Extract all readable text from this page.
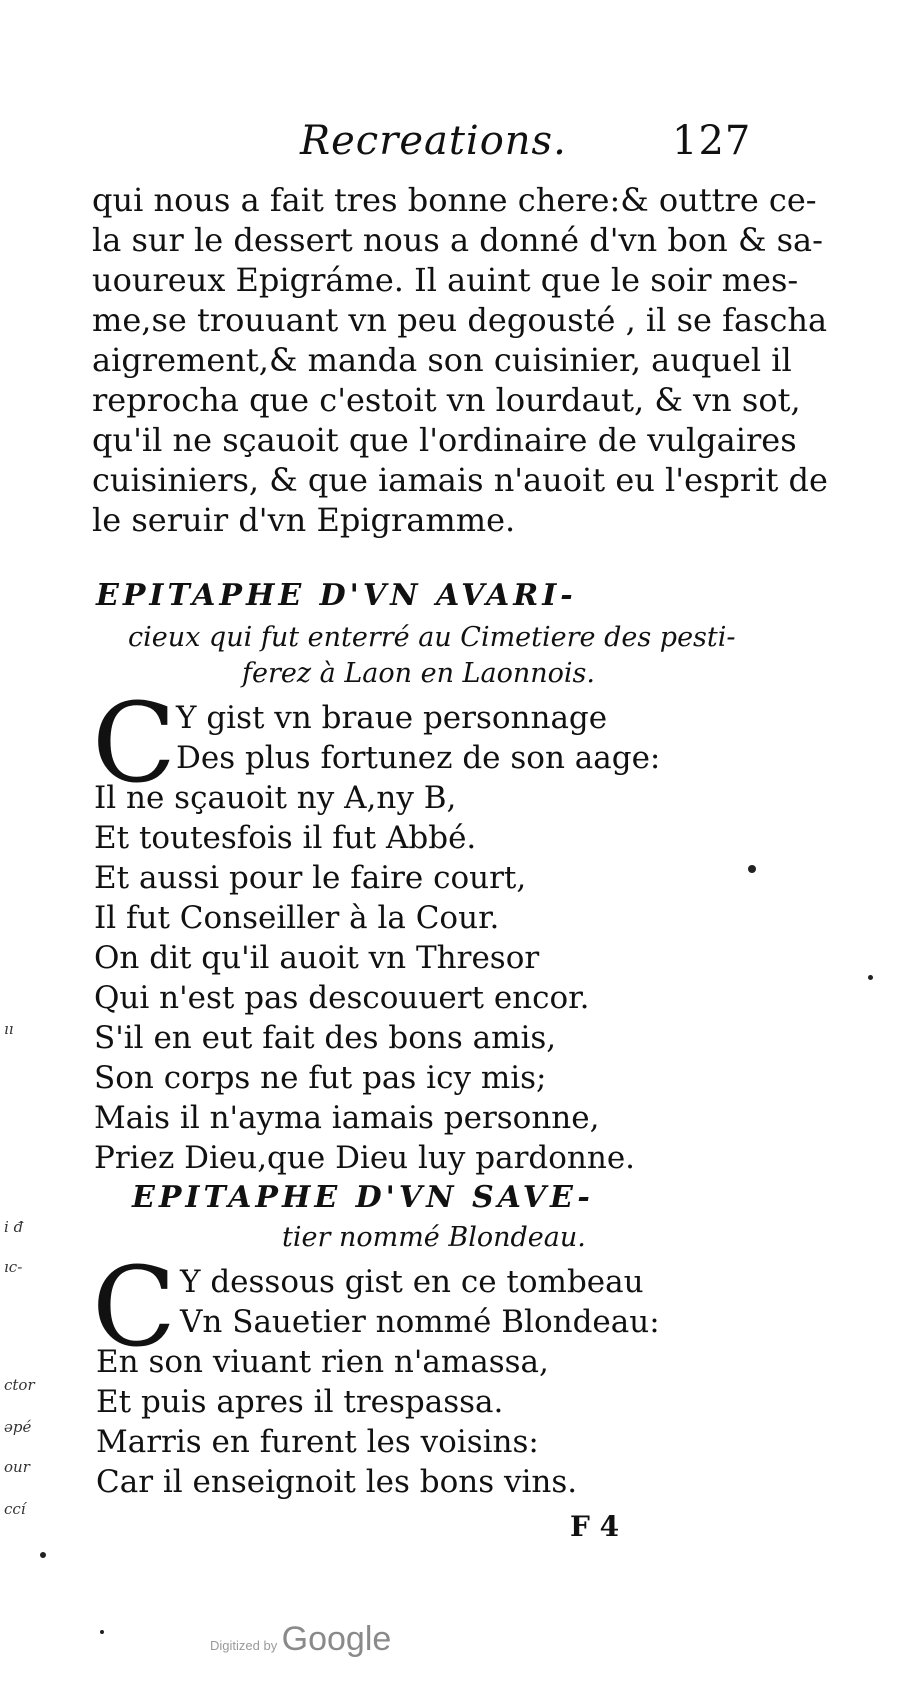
Recreations.	127
qui nous a fait tres bonne chere:& outtre ce-
la sur le dessert nous a donné d'vn bon & sa-
uoureux Epigráme. Il auint que le soir mes-
me,se trouuant vn peu degousté , il se fascha
aigrement,& manda son cuisinier, auquel il
reprocha que c'estoit vn lourdaut, & vn sot,
qu'il ne sçauoit que l'ordinaire de vulgaires
cuisiniers, & que iamais n'auoit eu l'esprit de
le seruir d'vn Epigramme.
EPITAPHE D'VN AVARI-
cieux qui fut enterré au Cimetiere des pesti-
ferez à Laon en Laonnois.
C Y gist vn braue personnage
Des plus fortunez de son aage:
Il ne sçauoit ny A,ny B,
Et toutesfois il fut Abbé.
Et aussi pour le faire court,
Il fut Conseiller à la Cour.
On dit qu'il auoit vn Thresor
Qui n'est pas descouuert encor.
S'il en eut fait des bons amis,
Son corps ne fut pas icy mis;
Mais il n'ayma iamais personne,
Priez Dieu,que Dieu luy pardonne.
EPITAPHE D'VN SAVE-
tier nommé Blondeau.
C Y dessous gist en ce tombeau
Vn Sauetier nommé Blondeau:
En son viuant rien n'amassa,
Et puis apres il trespassa.
Marris en furent les voisins:
Car il enseignoit les bons vins.
F 4
ıı
i đ
ıc-
ctor
əpé
our
ccí
Digitized by Google
